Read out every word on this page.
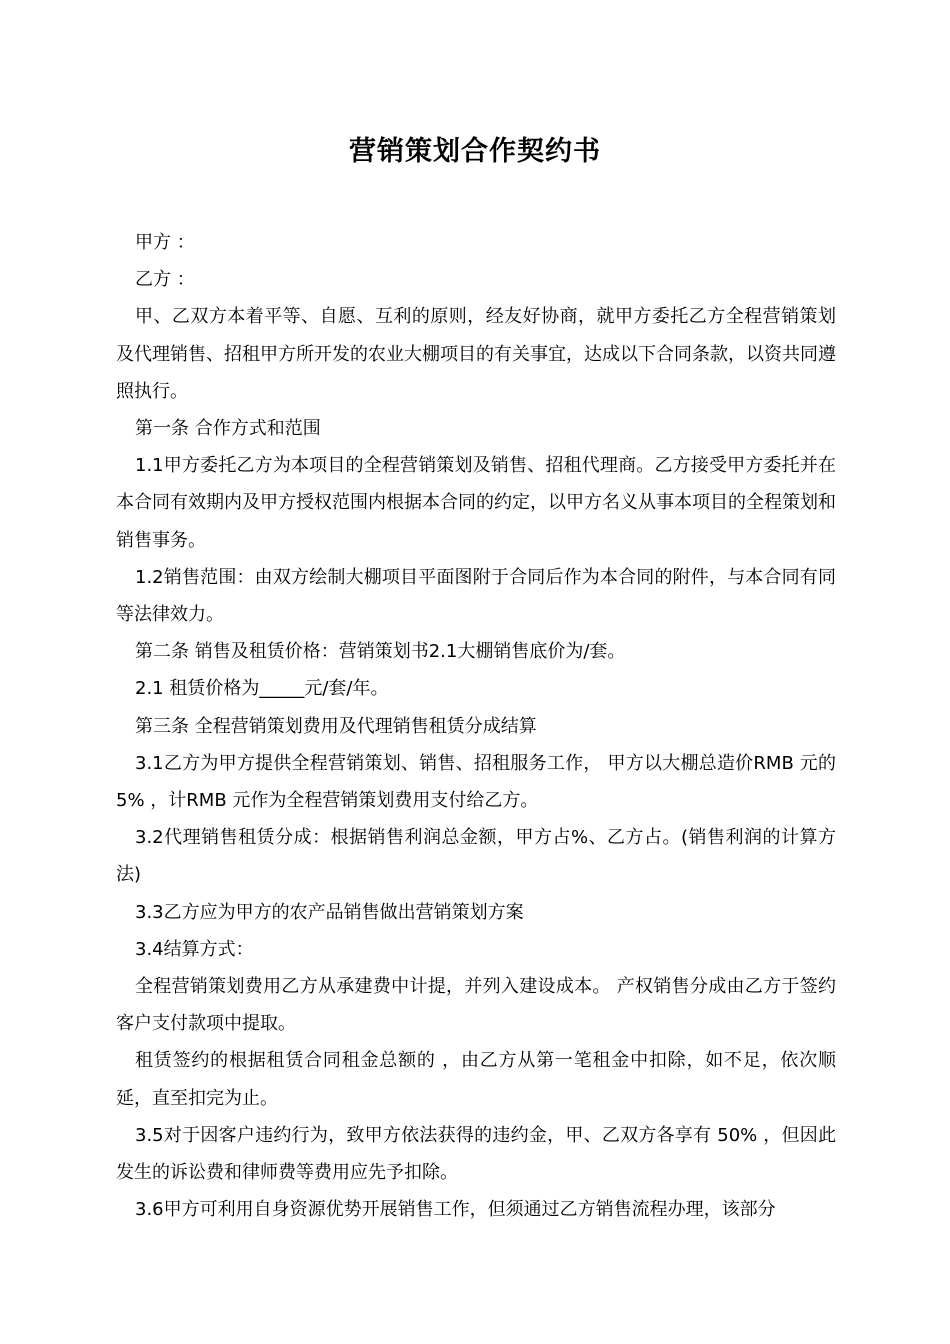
营销策划合作契约书

甲方 ：

乙方 ：

甲、乙双方本着平等、自愿、互利的原则，经友好协商，就甲方委托乙方全程营销策划及代理销售、招租甲方所开发的农业大棚项目的有关事宜，达成以下合同条款，以资共同遵照执行。

第一条 合作方式和范围

1.1甲方委托乙方为本项目的全程营销策划及销售、招租代理商。乙方接受甲方委托并在本合同有效期内及甲方授权范围内根据本合同的约定，以甲方名义从事本项目的全程策划和销售事务。

1.2销售范围：由双方绘制大棚项目平面图附于合同后作为本合同的附件，与本合同有同等法律效力。

第二条 销售及租赁价格：营销策划书2.1大棚销售底价为/套。

2.1 租赁价格为_____元/套/年。

第三条 全程营销策划费用及代理销售租赁分成结算

3.1乙方为甲方提供全程营销策划、销售、招租服务工作， 甲方以大棚总造价RMB 元的 5% ，计RMB 元作为全程营销策划费用支付给乙方。

3.2代理销售租赁分成：根据销售利润总金额，甲方占%、乙方占。(销售利润的计算方法)

3.3乙方应为甲方的农产品销售做出营销策划方案

3.4结算方式：

全程营销策划费用乙方从承建费中计提，并列入建设成本。 产权销售分成由乙方于签约客户支付款项中提取。

租赁签约的根据租赁合同租金总额的 ，由乙方从第一笔租金中扣除，如不足，依次顺延，直至扣完为止。

3.5对于因客户违约行为，致甲方依法获得的违约金，甲、乙双方各享有 50% ，但因此发生的诉讼费和律师费等费用应先予扣除。

3.6甲方可利用自身资源优势开展销售工作，但须通过乙方销售流程办理，该部分
